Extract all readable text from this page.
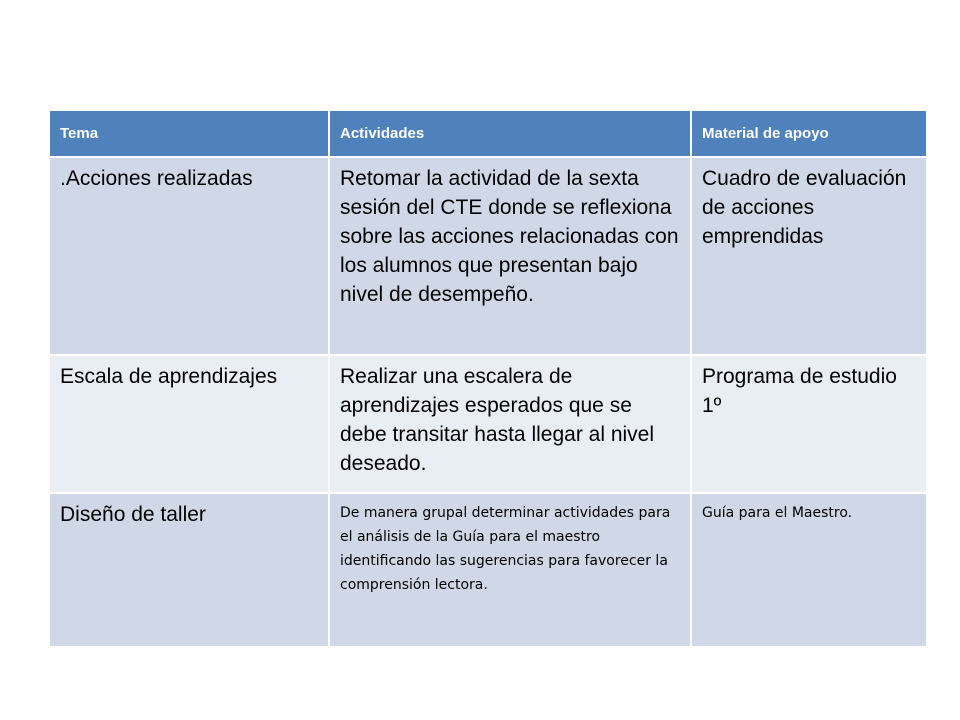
Tema	Actividades	Material de apoyo
.Acciones realizadas	Retomar la actividad de la sexta sesión del CTE donde se reflexiona sobre las acciones relacionadas con los alumnos que presentan bajo nivel de desempeño.	Cuadro de evaluación de acciones emprendidas
Escala de aprendizajes	Realizar una escalera de aprendizajes esperados que se debe transitar hasta llegar al nivel deseado.	Programa de estudio 1º
Diseño de taller	De manera grupal determinar actividades para el análisis de la Guía para el maestro identificando las sugerencias para favorecer la comprensión lectora.	Guía para el Maestro.
